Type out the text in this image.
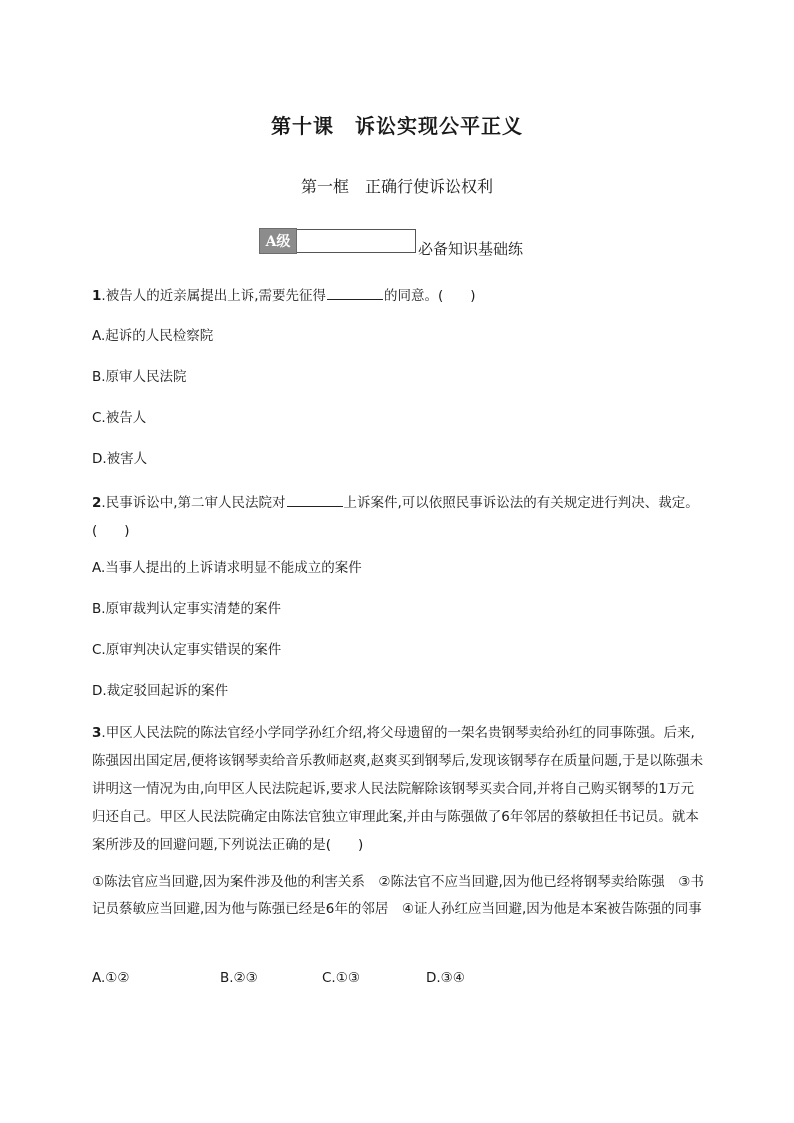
第十课　诉讼实现公平正义
第一框　正确行使诉讼权利
A级	必备知识基础练
1.被告人的近亲属提出上诉,需要先征得	的同意。(　　)
A.起诉的人民检察院
B.原审人民法院
C.被告人
D.被害人
2.民事诉讼中,第二审人民法院对	上诉案件,可以依照民事诉讼法的有关规定进行判决、裁定。(　　)
A.当事人提出的上诉请求明显不能成立的案件
B.原审裁判认定事实清楚的案件
C.原审判决认定事实错误的案件
D.裁定驳回起诉的案件
3.甲区人民法院的陈法官经小学同学孙红介绍,将父母遗留的一架名贵钢琴卖给孙红的同事陈强。后来,陈强因出国定居,便将该钢琴卖给音乐教师赵爽,赵爽买到钢琴后,发现该钢琴存在质量问题,于是以陈强未讲明这一情况为由,向甲区人民法院起诉,要求人民法院解除该钢琴买卖合同,并将自己购买钢琴的1万元归还自己。甲区人民法院确定由陈法官独立审理此案,并由与陈强做了6年邻居的蔡敏担任书记员。就本案所涉及的回避问题,下列说法正确的是(　　)
①陈法官应当回避,因为案件涉及他的利害关系　②陈法官不应当回避,因为他已经将钢琴卖给陈强　③书记员蔡敏应当回避,因为他与陈强已经是6年的邻居　④证人孙红应当回避,因为他是本案被告陈强的同事
A.①②	B.②③	C.①③	D.③④
